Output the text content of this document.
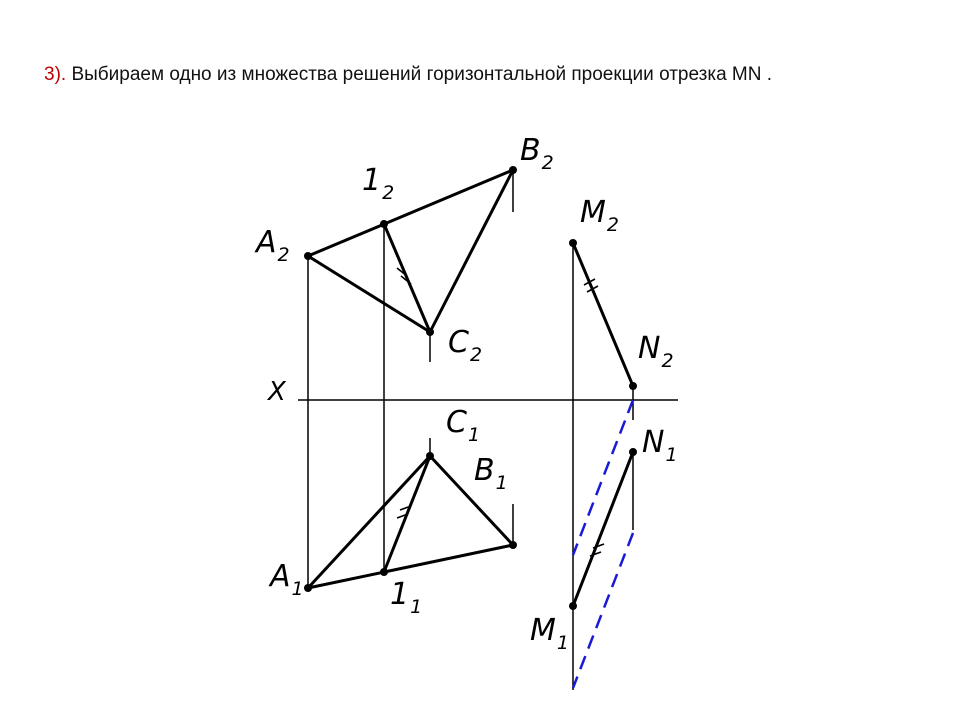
3). Выбираем одно из множества решений горизонтальной проекции отрезка MN .
X
$A_2$
$1_2$
$B_2$
$C_2$
$M_2$
$N_2$
$C_1$
$B_1$
$A_1$	$1_1$
$N_1$
$M_1$
